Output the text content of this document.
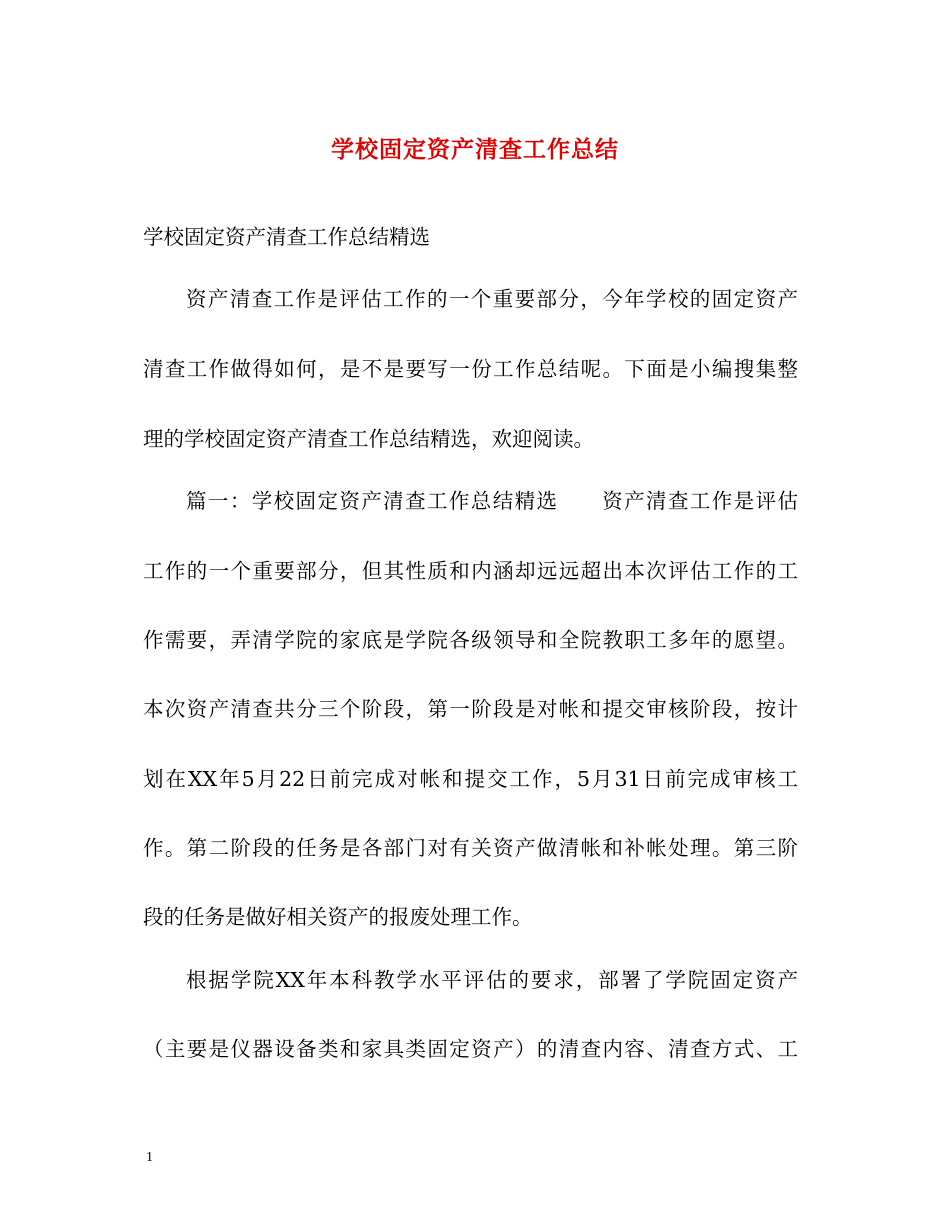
学校固定资产清查工作总结
学校固定资产清查工作总结精选
资产清查工作是评估工作的一个重要部分，今年学校的固定资产
清查工作做得如何，是不是要写一份工作总结呢。下面是小编搜集整
理的学校固定资产清查工作总结精选，欢迎阅读。
篇一：学校固定资产清查工作总结精选　　资产清查工作是评估
工作的一个重要部分，但其性质和内涵却远远超出本次评估工作的工
作需要，弄清学院的家底是学院各级领导和全院教职工多年的愿望。
本次资产清查共分三个阶段，第一阶段是对帐和提交审核阶段，按计
划在XX年5月22日前完成对帐和提交工作，5月31日前完成审核工
作。第二阶段的任务是各部门对有关资产做清帐和补帐处理。第三阶
段的任务是做好相关资产的报废处理工作。
根据学院XX年本科教学水平评估的要求，部署了学院固定资产
（主要是仪器设备类和家具类固定资产）的清查内容、清查方式、工
1
